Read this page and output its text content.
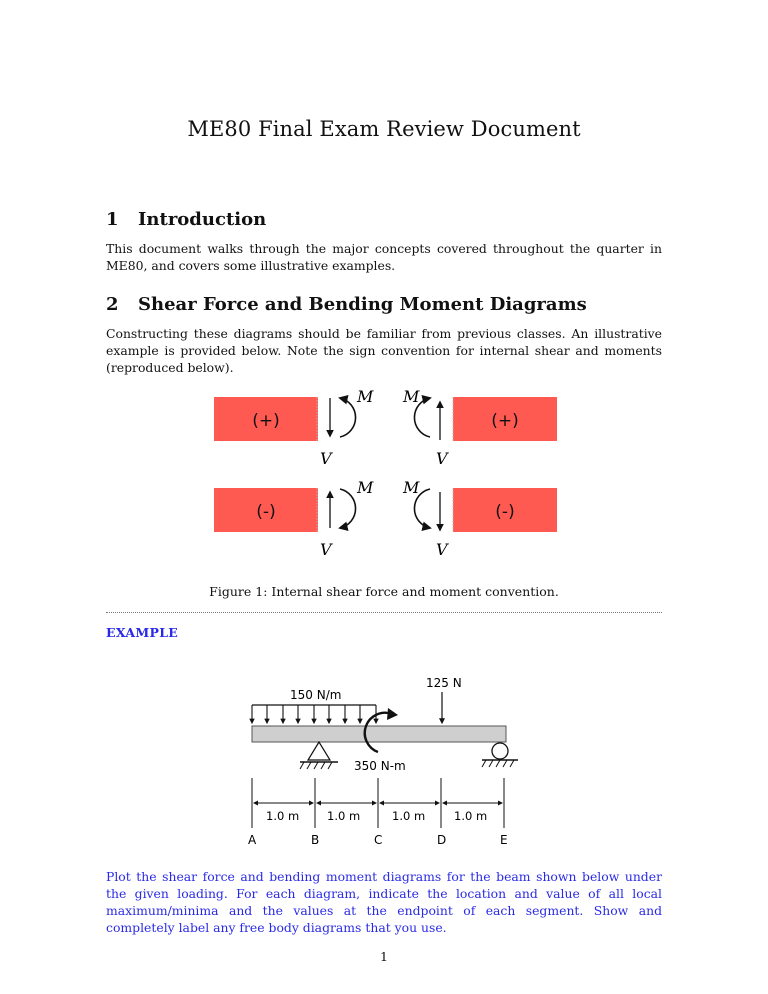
ME80 Final Exam Review Document
1 Introduction
This document walks through the major concepts covered throughout the quarter in ME80, and covers some illustrative examples.
2 Shear Force and Bending Moment Diagrams
Constructing these diagrams should be familiar from previous classes. An illustrative example is provided below. Note the sign convention for internal shear and moments (reproduced below).
(+)
M
V
(+)
M
V
(-)
M
V
(-)
M
V
Figure 1: Internal shear force and moment convention.
EXAMPLE
150 N/m
125 N
350 N-m
1.0 m 1.0 m	1.0 m	1.0 m
A	B	C	D	E
Plot the shear force and bending moment diagrams for the beam shown below under the given loading. For each diagram, indicate the location and value of all local maximum/minima and the values at the endpoint of each segment. Show and completely label any free body diagrams that you use.
1
